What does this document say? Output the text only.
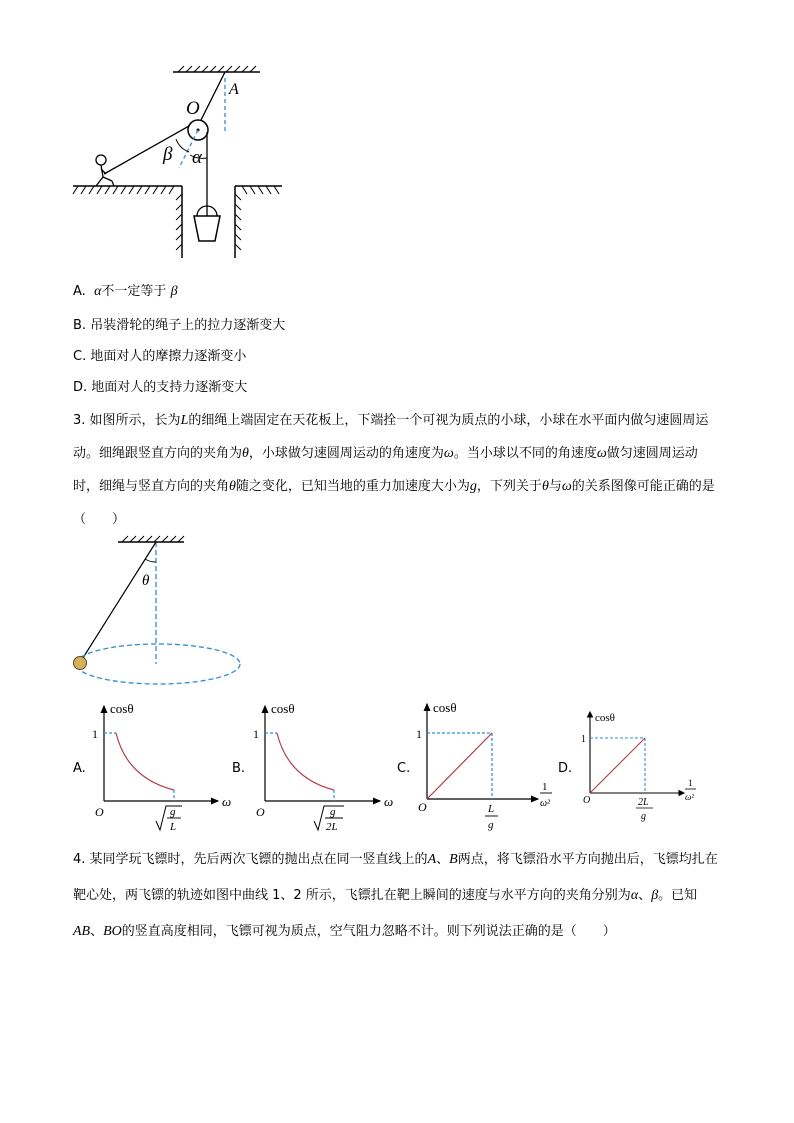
O
A
β α
A. α不一定等于 β
B. 吊装滑轮的绳子上的拉力逐渐变大
C. 地面对人的摩擦力逐渐变小
D. 地面对人的支持力逐渐变大
3. 如图所示，长为L的细绳上端固定在天花板上，下端拴一个可视为质点的小球，小球在水平面内做匀速圆周运动。细绳跟竖直方向的夹角为θ，小球做匀速圆周运动的角速度为ω。当小球以不同的角速度ω做匀速圆周运动时，细绳与竖直方向的夹角θ随之变化，已知当地的重力加速度大小为g，下列关于θ与ω的关系图像可能正确的是（　　）
θ
A.
cosθ
1
O
ω
g
L
B.
cosθ
1
O
ω
g
2L
C.
cosθ
1
O
1
ω²
L
g
D.
cosθ
1
O
1
ω²
2L
g
4. 某同学玩飞镖时，先后两次飞镖的抛出点在同一竖直线上的A、B两点，将飞镖沿水平方向抛出后，飞镖均扎在靶心处，两飞镖的轨迹如图中曲线 1、2 所示，飞镖扎在靶上瞬间的速度与水平方向的夹角分别为α、β。已知AB、BO的竖直高度相同，飞镖可视为质点，空气阻力忽略不计。则下列说法正确的是（　　）
